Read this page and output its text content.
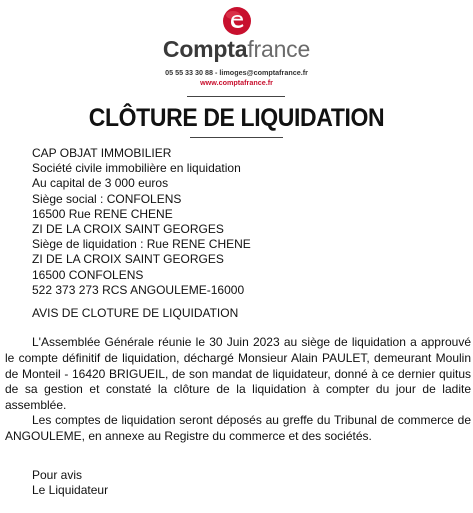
Comptafrance
05 55 33 30 88 - limoges@comptafrance.fr
www.comptafrance.fr
CLÔTURE DE LIQUIDATION
CAP OBJAT IMMOBILIER
Société civile immobilière en liquidation
Au capital de 3 000 euros
Siège social : CONFOLENS
16500 Rue RENE CHENE
ZI DE LA CROIX SAINT GEORGES
Siège de liquidation : Rue RENE CHENE
ZI DE LA CROIX SAINT GEORGES
16500 CONFOLENS
522 373 273 RCS ANGOULEME-16000
AVIS DE CLOTURE DE LIQUIDATION
L'Assemblée Générale réunie le 30 Juin 2023 au siège de liquidation a approuvé le compte définitif de liquidation, déchargé Monsieur Alain PAULET, demeurant Moulin de Monteil - 16420 BRIGUEIL, de son mandat de liquidateur, donné à ce dernier quitus de sa gestion et constaté la clôture de la liquidation à compter du jour de ladite assemblée.
Les comptes de liquidation seront déposés au greffe du Tribunal de commerce de ANGOULEME, en annexe au Registre du commerce et des sociétés.
Pour avis
Le Liquidateur
